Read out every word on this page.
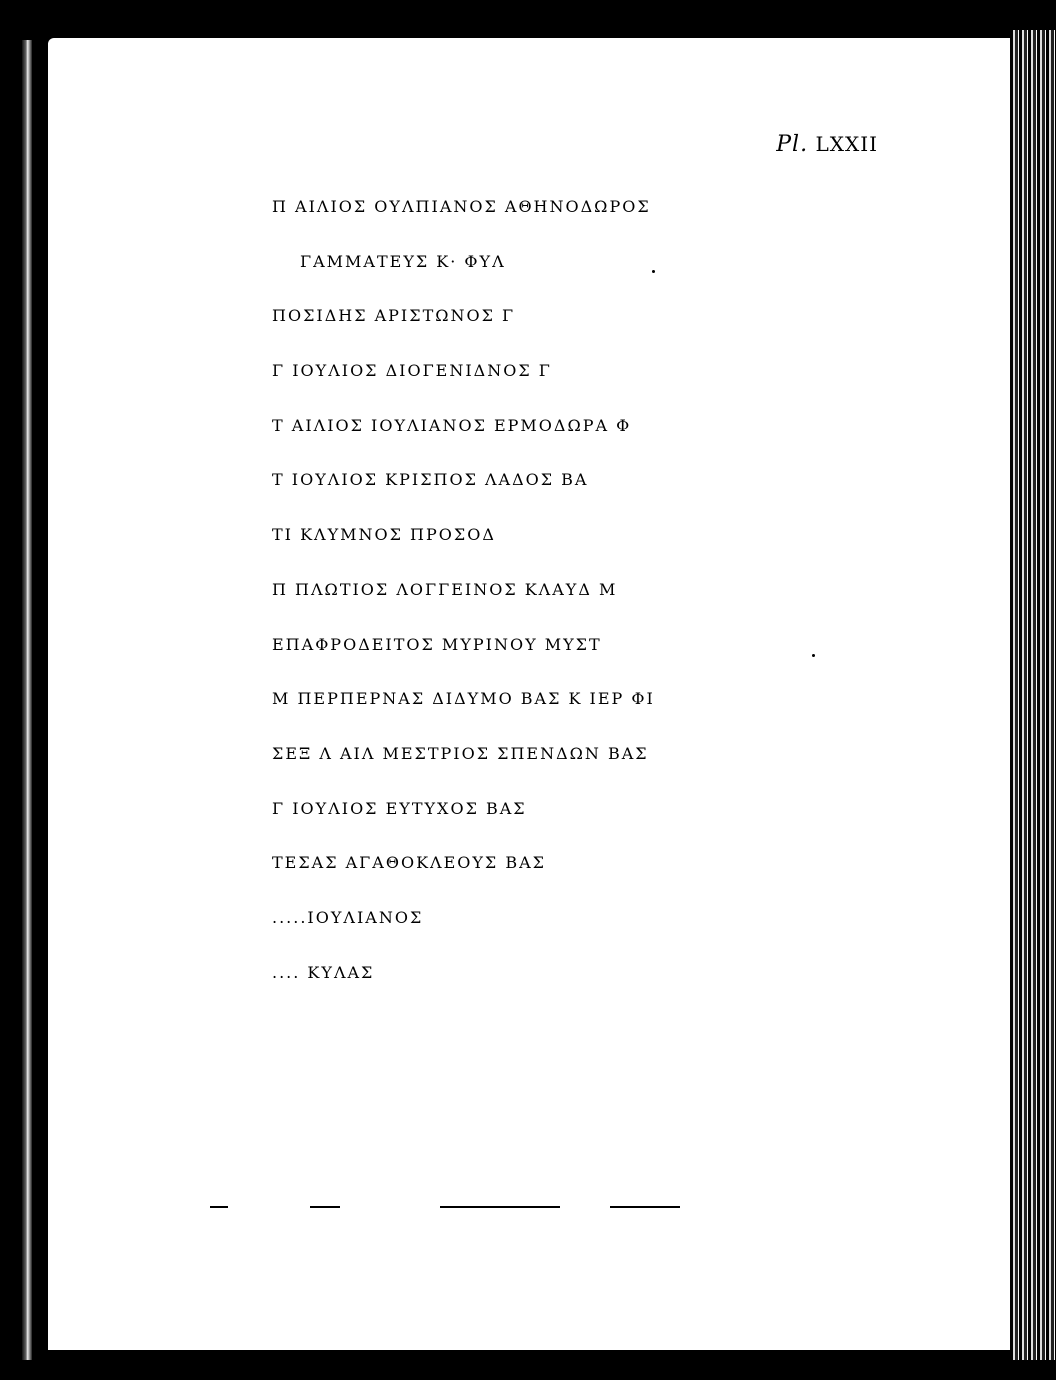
Pl. LXXII
Π ΑΙΛΙΟΣ ΟΥΛΠΙΑΝΟΣ ΑΘΗΝΟΔΩΡΟΣ
ΓΑΜΜΑΤΕΥΣ Κ· ΦΥΛ
ΠΟΣΙΔΗΣ ΑΡΙΣΤΩΝΟΣ Γ
Γ ΙΟΥΛΙΟΣ ΔΙΟΓΕΝΙΔΝΟΣ Γ
Τ ΑΙΛΙΟΣ ΙΟΥΛΙΑΝΟΣ ΕΡΜΟΔΩΡΑ Φ
Τ ΙΟΥΛΙΟΣ ΚΡΙΣΠΟΣ ΛΑΔΟΣ ΒΑ
ΤΙ ΚΛΥΜΝΟΣ ΠΡΟΣΟΔ
Π ΠΛΩΤΙΟΣ ΛΟΓΓΕΙΝΟΣ ΚΛΑΥΔ Μ
ΕΠΑΦΡΟΔΕΙΤΟΣ ΜΥΡΙΝΟΥ ΜΥΣΤ
Μ ΠΕΡΠΕΡΝΑΣ ΔΙΔΥΜΟ ΒΑΣ Κ ΙΕΡ ΦΙ
ΣΕΞ Λ ΑΙΛ ΜΕΣΤΡΙΟΣ ΣΠΕΝΔΩΝ ΒΑΣ
Γ ΙΟΥΛΙΟΣ ΕΥΤΥΧΟΣ ΒΑΣ
ΤΕΣΑΣ ΑΓΑΘΟΚΛΕΟΥΣ ΒΑΣ
.....ΙΟΥΛΙΑΝΟΣ
.... ΚΥΛΑΣ
